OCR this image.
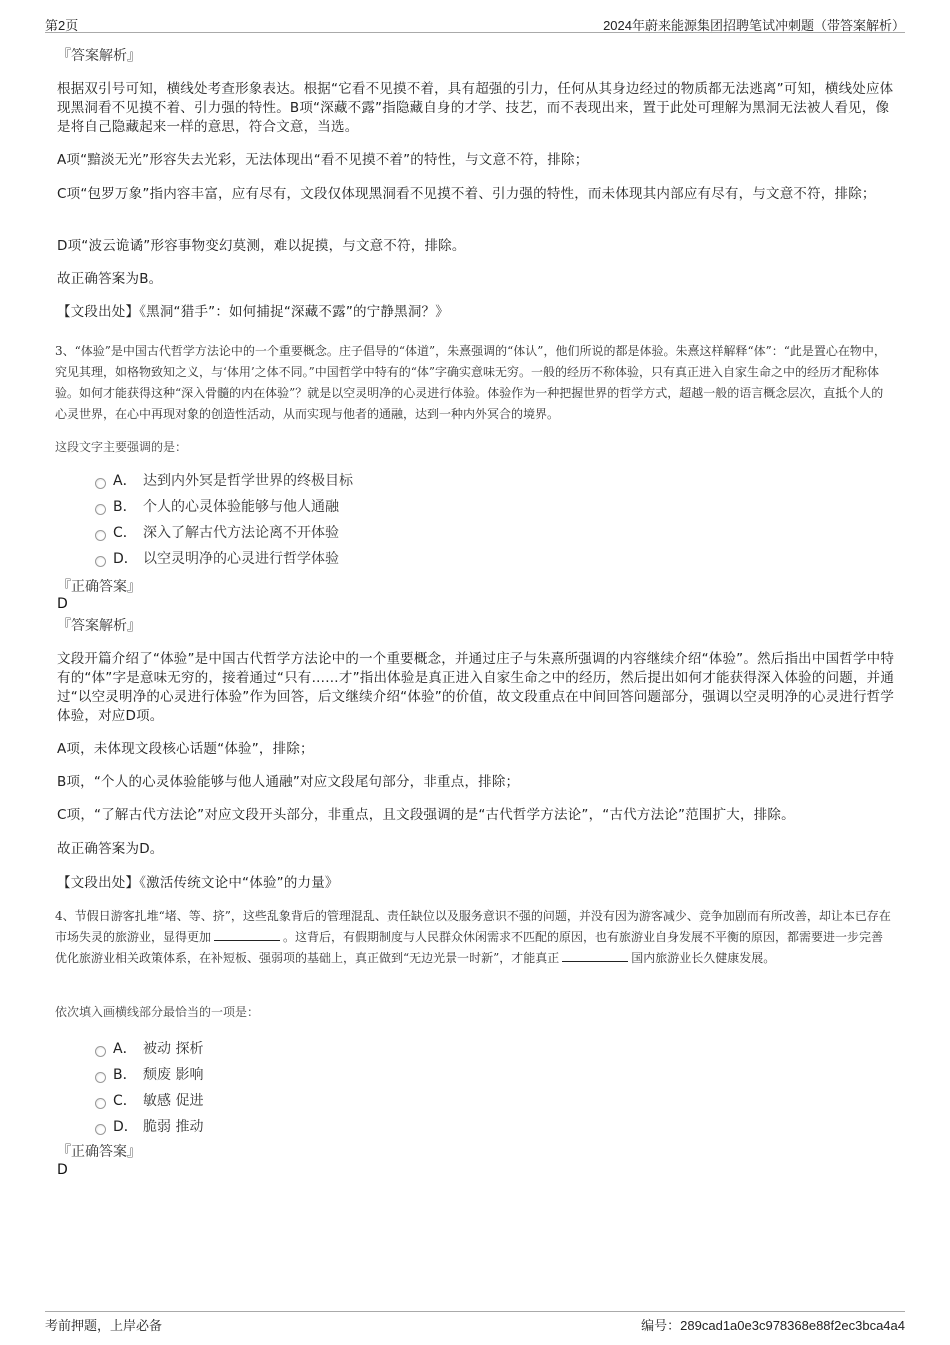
第2页	2024年蔚来能源集团招聘笔试冲刺题（带答案解析）
『答案解析』
根据双引号可知，横线处考查形象表达。根据“它看不见摸不着，具有超强的引力，任何从其身边经过的物质都无法逃离”可知，横线处应体现黑洞看不见摸不着、引力强的特性。B项“深藏不露”指隐藏自身的才学、技艺，而不表现出来，置于此处可理解为黑洞无法被人看见，像是将自己隐藏起来一样的意思，符合文意，当选。
A项“黯淡无光”形容失去光彩，无法体现出“看不见摸不着”的特性，与文意不符，排除；
C项“包罗万象”指内容丰富，应有尽有，文段仅体现黑洞看不见摸不着、引力强的特性，而未体现其内部应有尽有，与文意不符，排除；
D项“波云诡谲”形容事物变幻莫测，难以捉摸，与文意不符，排除。
故正确答案为B。
【文段出处】《黑洞“猎手”：如何捕捉“深藏不露”的宁静黑洞？》
3、“体验”是中国古代哲学方法论中的一个重要概念。庄子倡导的“体道”，朱熹强调的“体认”，他们所说的都是体验。朱熹这样解释“体”：“此是置心在物中，究见其理，如格物致知之义，与‘体用’之体不同。”中国哲学中特有的“体”字确实意味无穷。一般的经历不称体验，只有真正进入自家生命之中的经历才配称体验。如何才能获得这种“深入骨髓的内在体验”？就是以空灵明净的心灵进行体验。体验作为一种把握世界的哲学方式，超越一般的语言概念层次，直抵个人的心灵世界，在心中再现对象的创造性活动，从而实现与他者的通融，达到一种内外冥合的境界。
这段文字主要强调的是：
A． 达到内外冥是哲学世界的终极目标
B． 个人的心灵体验能够与他人通融
C． 深入了解古代方法论离不开体验
D． 以空灵明净的心灵进行哲学体验
『正确答案』
D
『答案解析』
文段开篇介绍了“体验”是中国古代哲学方法论中的一个重要概念，并通过庄子与朱熹所强调的内容继续介绍“体验”。然后指出中国哲学中特有的“体”字是意味无穷的，接着通过“只有……才”指出体验是真正进入自家生命之中的经历，然后提出如何才能获得深入体验的问题，并通过“以空灵明净的心灵进行体验”作为回答，后文继续介绍“体验”的价值，故文段重点在中间回答问题部分，强调以空灵明净的心灵进行哲学体验，对应D项。
A项，未体现文段核心话题“体验”，排除；
B项，“个人的心灵体验能够与他人通融”对应文段尾句部分，非重点，排除；
C项，“了解古代方法论”对应文段开头部分，非重点，且文段强调的是“古代哲学方法论”，“古代方法论”范围扩大，排除。
故正确答案为D。
【文段出处】《激活传统文论中“体验”的力量》
4、节假日游客扎堆“堵、等、挤”，这些乱象背后的管理混乱、责任缺位以及服务意识不强的问题，并没有因为游客减少、竞争加剧而有所改善，却让本已存在市场失灵的旅游业，显得更加	。这背后，有假期制度与人民群众休闲需求不匹配的原因，也有旅游业自身发展不平衡的原因，都需要进一步完善优化旅游业相关政策体系，在补短板、强弱项的基础上，真正做到“无边光景一时新”，才能真正	国内旅游业长久健康发展。
依次填入画横线部分最恰当的一项是：
A． 被动 探析
B． 颓废 影响
C． 敏感 促进
D． 脆弱 推动
『正确答案』
D
考前押题，上岸必备	编号：289cad1a0e3c978368e88f2ec3bca4a4
